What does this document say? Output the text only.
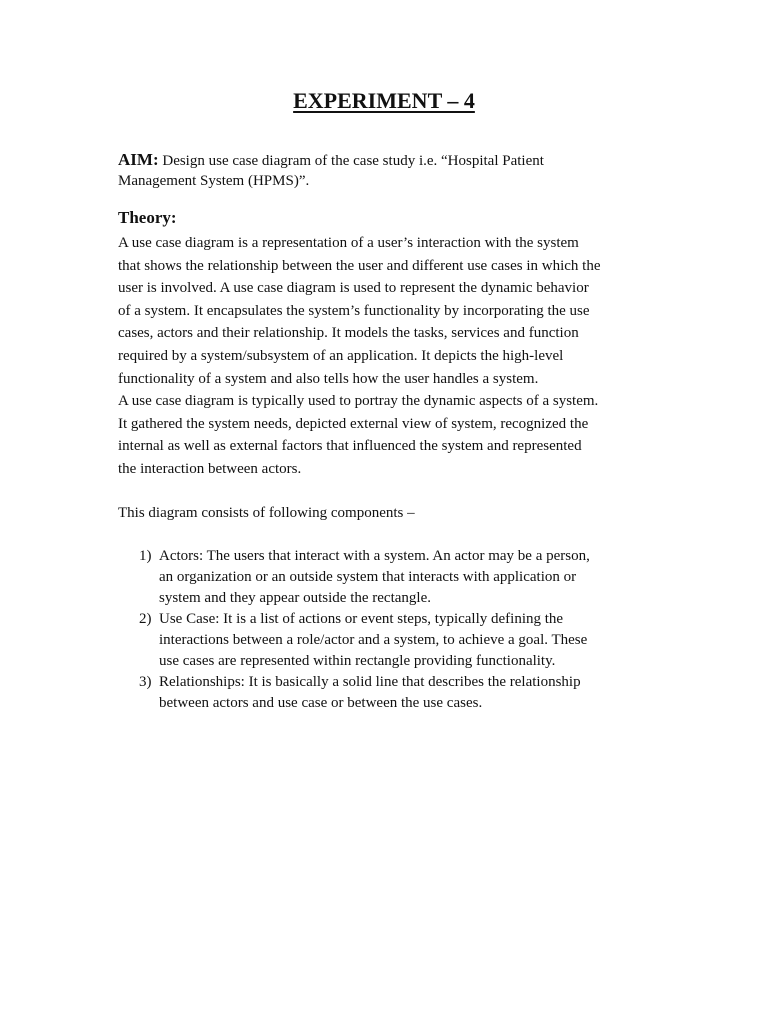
EXPERIMENT – 4
AIM: Design use case diagram of the case study i.e. “Hospital Patient
Management System (HPMS)”.
Theory:
A use case diagram is a representation of a user’s interaction with the system
that shows the relationship between the user and different use cases in which the
user is involved. A use case diagram is used to represent the dynamic behavior
of a system. It encapsulates the system’s functionality by incorporating the use
cases, actors and their relationship. It models the tasks, services and function
required by a system/subsystem of an application. It depicts the high-level
functionality of a system and also tells how the user handles a system.
A use case diagram is typically used to portray the dynamic aspects of a system.
It gathered the system needs, depicted external view of system, recognized the
internal as well as external factors that influenced the system and represented
the interaction between actors.
This diagram consists of following components –
1) Actors: The users that interact with a system. An actor may be a person,
an organization or an outside system that interacts with application or
system and they appear outside the rectangle.
2) Use Case: It is a list of actions or event steps, typically defining the
interactions between a role/actor and a system, to achieve a goal. These
use cases are represented within rectangle providing functionality.
3) Relationships: It is basically a solid line that describes the relationship
between actors and use case or between the use cases.
